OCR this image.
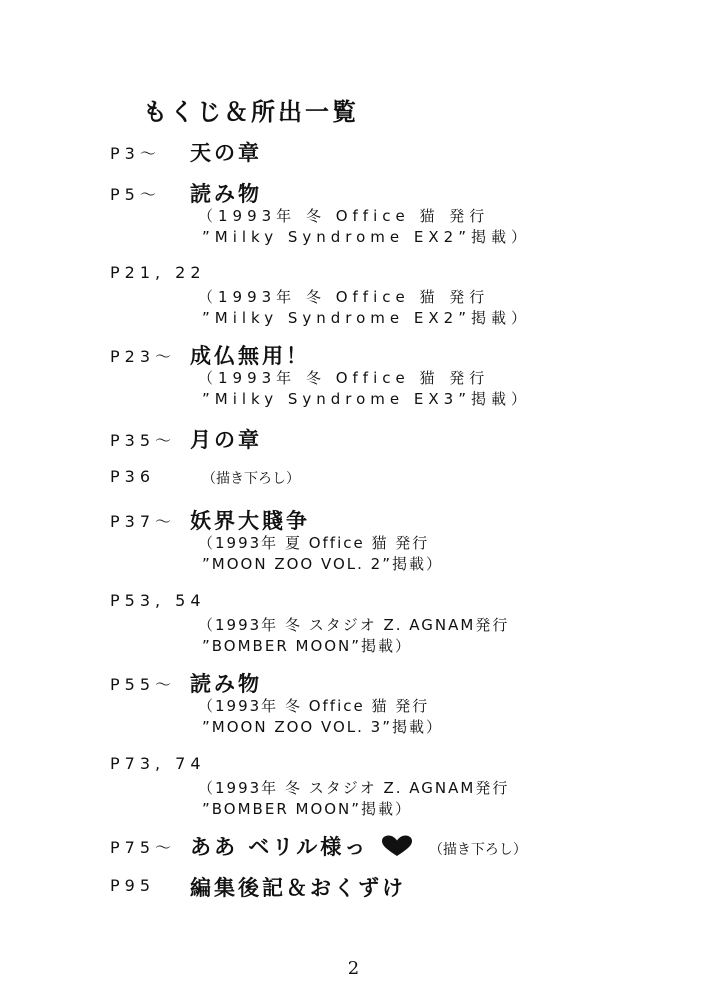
もくじ＆所出一覧
P3〜 天の章
P5〜 読み物
（1993年 冬 Office 猫 発行
”Milky Syndrome EX2”掲載）
P21, 22
（1993年 冬 Office 猫 発行
”Milky Syndrome EX2”掲載）
P23〜 成仏無用！
（1993年 冬 Office 猫 発行
”Milky Syndrome EX3”掲載）
P35〜 月の章
P36	（描き下ろし）
P37〜 妖界大賤争
（1993年 夏 Office 猫 発行
”MOON ZOO VOL. 2”掲載）
P53, 54
（1993年 冬 スタジオ Z. AGNAM発行
”BOMBER MOON”掲載）
P55〜 読み物
（1993年 冬 Office 猫 発行
”MOON ZOO VOL. 3”掲載）
P73, 74
（1993年 冬 スタジオ Z. AGNAM発行
”BOMBER MOON”掲載）
P75〜 ああ ベリル様っ	（描き下ろし）
P95 編集後記＆おくずけ
2
